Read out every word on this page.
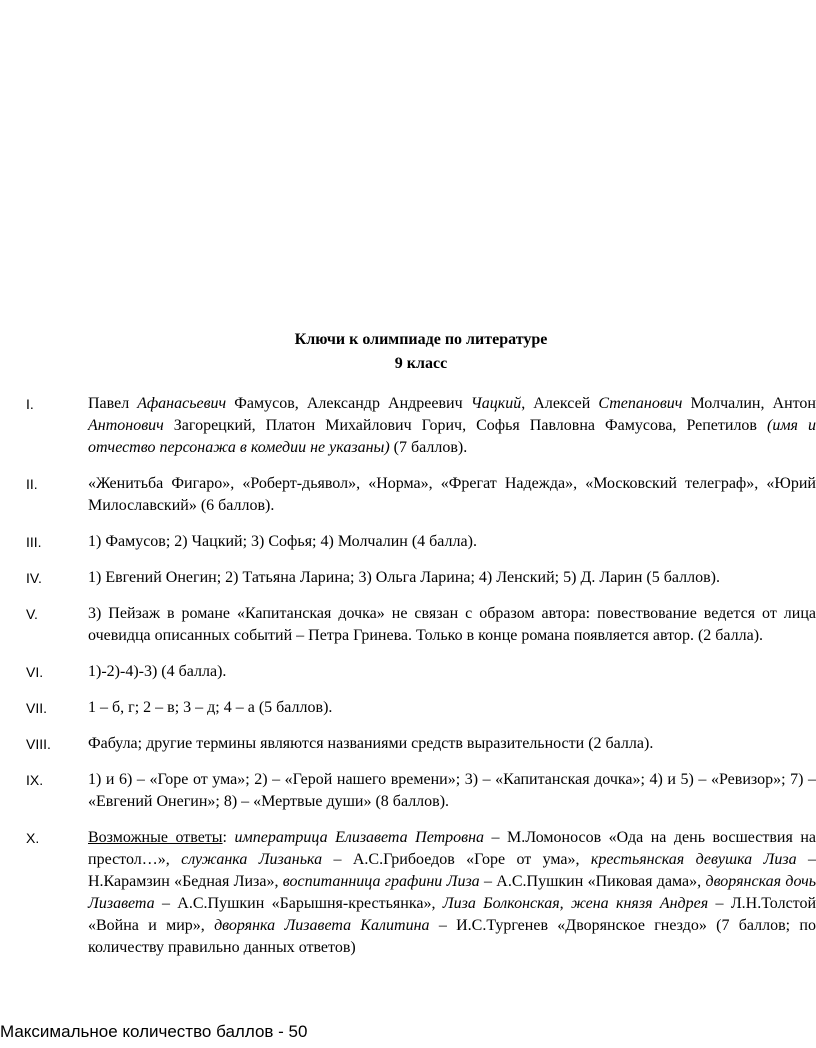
Ключи к олимпиаде по литературе
9 класс
I.	Павел Афанасьевич Фамусов, Александр Андреевич Чацкий, Алексей Степанович Молчалин, Антон Антонович Загорецкий, Платон Михайлович Горич, Софья Павловна Фамусова, Репетилов (имя и отчество персонажа в комедии не указаны) (7 баллов).
II.	«Женитьба Фигаро», «Роберт-дьявол», «Норма», «Фрегат Надежда», «Московский телеграф», «Юрий Милославский» (6 баллов).
III.	1) Фамусов; 2) Чацкий; 3) Софья; 4) Молчалин (4 балла).
IV.	1) Евгений Онегин; 2) Татьяна Ларина; 3) Ольга Ларина; 4) Ленский; 5) Д. Ларин (5 баллов).
V.	3) Пейзаж в романе «Капитанская дочка» не связан с образом автора: повествование ведется от лица очевидца описанных событий – Петра Гринева. Только в конце романа появляется автор. (2 балла).
VI.	1)-2)-4)-3) (4 балла).
VII.	1 – б, г; 2 – в; 3 – д; 4 – а (5 баллов).
VIII.	Фабула; другие термины являются названиями средств выразительности (2 балла).
IX.	1) и 6) – «Горе от ума»; 2) – «Герой нашего времени»; 3) – «Капитанская дочка»; 4) и 5) – «Ревизор»; 7) – «Евгений Онегин»; 8) – «Мертвые души» (8 баллов).
X.	Возможные ответы: императрица Елизавета Петровна – М.Ломоносов «Ода на день восшествия на престол…», служанка Лизанька – А.С.Грибоедов «Горе от ума», крестьянская девушка Лиза – Н.Карамзин «Бедная Лиза», воспитанница графини Лиза – А.С.Пушкин «Пиковая дама», дворянская дочь Лизавета – А.С.Пушкин «Барышня-крестьянка», Лиза Болконская, жена князя Андрея – Л.Н.Толстой «Война и мир», дворянка Лизавета Калитина – И.С.Тургенев «Дворянское гнездо» (7 баллов; по количеству правильно данных ответов)
Максимальное количество баллов - 50
